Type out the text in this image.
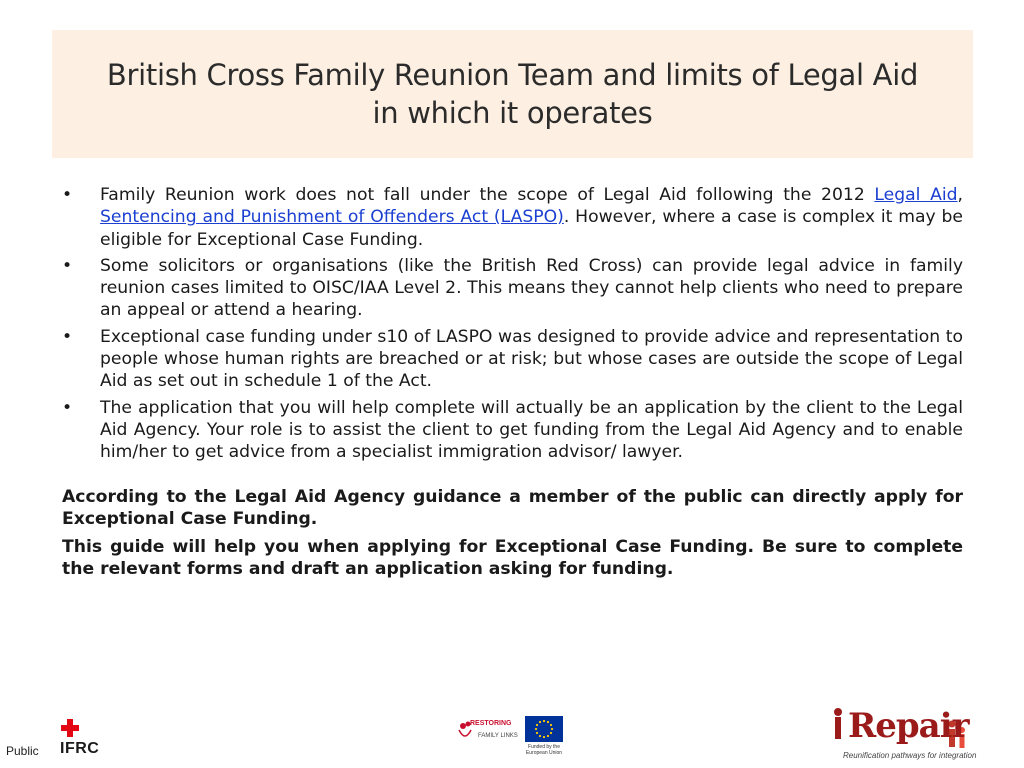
British Cross Family Reunion Team and limits of Legal Aid in which it operates
•	Family Reunion work does not fall under the scope of Legal Aid following the 2012 Legal Aid, Sentencing and Punishment of Offenders Act (LASPO). However, where a case is complex it may be eligible for Exceptional Case Funding.
•	Some solicitors or organisations (like the British Red Cross) can provide legal advice in family reunion cases limited to OISC/IAA Level 2. This means they cannot help clients who need to prepare an appeal or attend a hearing.
•	Exceptional case funding under s10 of LASPO was designed to provide advice and representation to people whose human rights are breached or at risk; but whose cases are outside the scope of Legal Aid as set out in schedule 1 of the Act.
•	The application that you will help complete will actually be an application by the client to the Legal Aid Agency. Your role is to assist the client to get funding from the Legal Aid Agency and to enable him/her to get advice from a specialist immigration advisor/ lawyer.

According to the Legal Aid Agency guidance a member of the public can directly apply for Exceptional Case Funding.

This guide will help you when applying for Exceptional Case Funding. Be sure to complete the relevant forms and draft an application asking for funding.

Public IFRC
RESTORING
FAMILY LINKS
Funded by the European Union
Repair
Reunification pathways for integration
